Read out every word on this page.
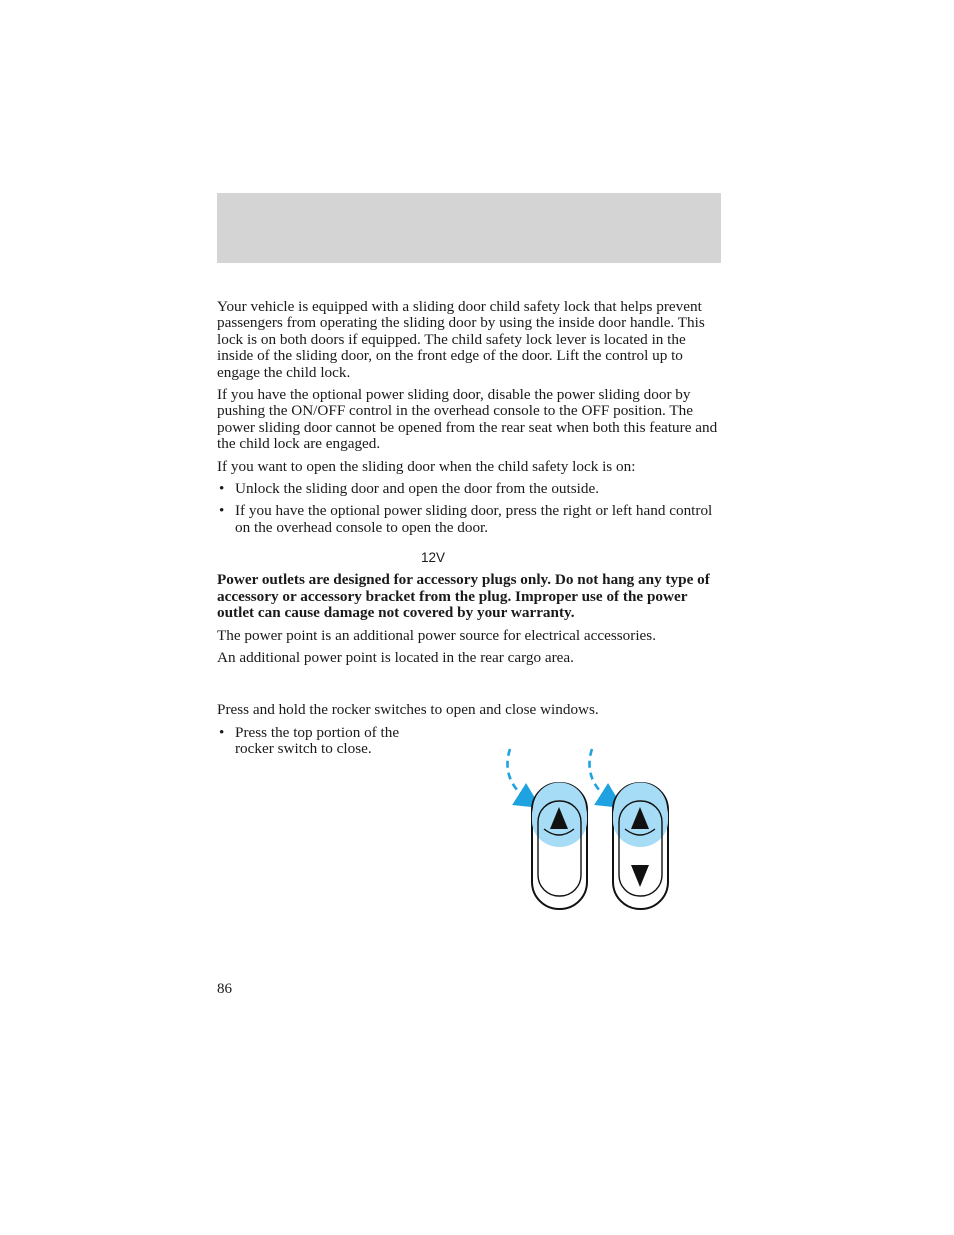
Your vehicle is equipped with a sliding door child safety lock that helps prevent passengers from operating the sliding door by using the inside door handle. This lock is on both doors if equipped. The child safety lock lever is located in the inside of the sliding door, on the front edge of the door. Lift the control up to engage the child lock.

If you have the optional power sliding door, disable the power sliding door by pushing the ON/OFF control in the overhead console to the OFF position. The power sliding door cannot be opened from the rear seat when both this feature and the child lock are engaged.

If you want to open the sliding door when the child safety lock is on:

• Unlock the sliding door and open the door from the outside.
• If you have the optional power sliding door, press the right or left hand control on the overhead console to open the door.
12V

Power outlets are designed for accessory plugs only. Do not hang any type of accessory or accessory bracket from the plug. Improper use of the power outlet can cause damage not covered by your warranty.

The power point is an additional power source for electrical accessories.

An additional power point is located in the rear cargo area.

Press and hold the rocker switches to open and close windows.

• Press the top portion of the rocker switch to close.
86
